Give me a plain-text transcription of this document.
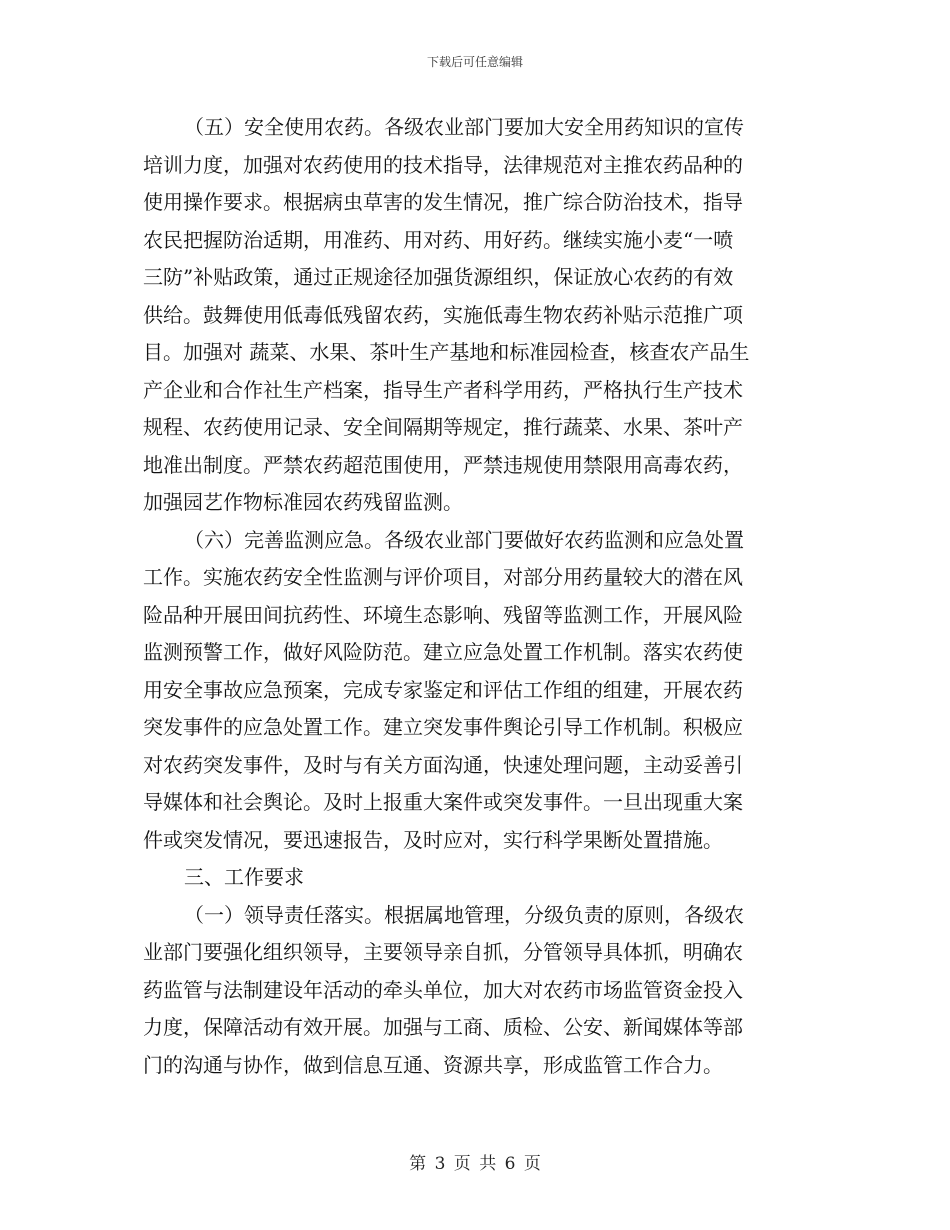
下载后可任意编辑
（五）安全使用农药。各级农业部门要加大安全用药知识的宣传
培训力度，加强对农药使用的技术指导，法律规范对主推农药品种的
使用操作要求。根据病虫草害的发生情况，推广综合防治技术，指导
农民把握防治适期，用准药、用对药、用好药。继续实施小麦“一喷
三防”补贴政策，通过正规途径加强货源组织，保证放心农药的有效
供给。鼓舞使用低毒低残留农药，实施低毒生物农药补贴示范推广项
目。加强对 蔬菜、水果、茶叶生产基地和标准园检查，核查农产品生
产企业和合作社生产档案，指导生产者科学用药，严格执行生产技术
规程、农药使用记录、安全间隔期等规定，推行蔬菜、水果、茶叶产
地准出制度。严禁农药超范围使用，严禁违规使用禁限用高毒农药，
加强园艺作物标准园农药残留监测。
（六）完善监测应急。各级农业部门要做好农药监测和应急处置
工作。实施农药安全性监测与评价项目，对部分用药量较大的潜在风
险品种开展田间抗药性、环境生态影响、残留等监测工作，开展风险
监测预警工作，做好风险防范。建立应急处置工作机制。落实农药使
用安全事故应急预案，完成专家鉴定和评估工作组的组建，开展农药
突发事件的应急处置工作。建立突发事件舆论引导工作机制。积极应
对农药突发事件，及时与有关方面沟通，快速处理问题，主动妥善引
导媒体和社会舆论。及时上报重大案件或突发事件。一旦出现重大案
件或突发情况，要迅速报告，及时应对，实行科学果断处置措施。
三、工作要求
（一）领导责任落实。根据属地管理，分级负责的原则，各级农
业部门要强化组织领导，主要领导亲自抓，分管领导具体抓，明确农
药监管与法制建设年活动的牵头单位，加大对农药市场监管资金投入
力度，保障活动有效开展。加强与工商、质检、公安、新闻媒体等部
门的沟通与协作，做到信息互通、资源共享，形成监管工作合力。
第 3 页 共 6 页
